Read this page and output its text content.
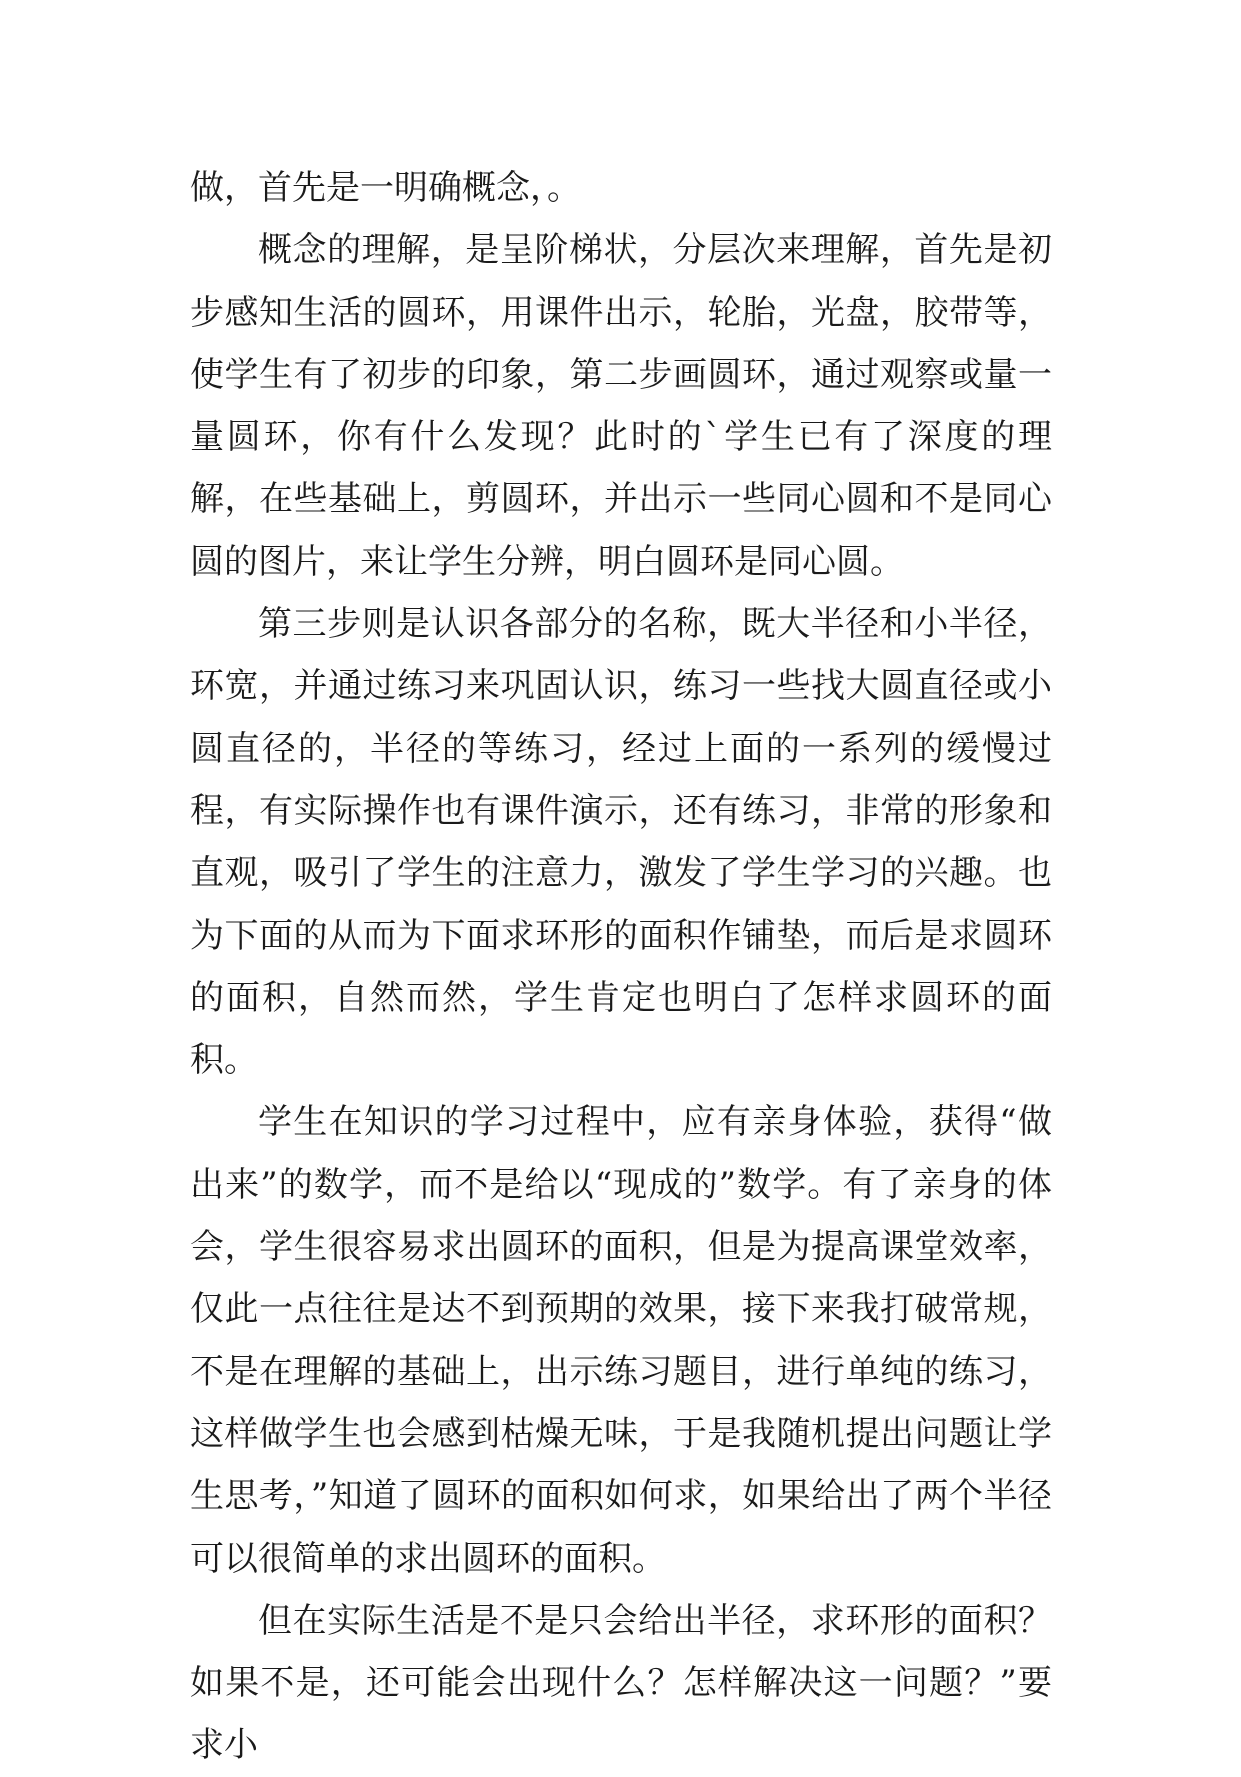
做，首先是一明确概念，。

概念的理解，是呈阶梯状，分层次来理解，首先是初步感知生活的圆环，用课件出示，轮胎，光盘，胶带等，使学生有了初步的印象，第二步画圆环，通过观察或量一量圆环，你有什么发现？此时的`学生已有了深度的理解，在些基础上，剪圆环，并出示一些同心圆和不是同心圆的图片，来让学生分辨，明白圆环是同心圆。

第三步则是认识各部分的名称，既大半径和小半径，环宽，并通过练习来巩固认识，练习一些找大圆直径或小圆直径的，半径的等练习，经过上面的一系列的缓慢过程，有实际操作也有课件演示，还有练习，非常的形象和直观，吸引了学生的注意力，激发了学生学习的兴趣。也为下面的从而为下面求环形的面积作铺垫，而后是求圆环的面积，自然而然，学生肯定也明白了怎样求圆环的面积。

学生在知识的学习过程中，应有亲身体验，获得“做出来”的数学，而不是给以“现成的”数学。有了亲身的体会，学生很容易求出圆环的面积，但是为提高课堂效率，仅此一点往往是达不到预期的效果，接下来我打破常规，不是在理解的基础上，出示练习题目，进行单纯的练习，这样做学生也会感到枯燥无味，于是我随机提出问题让学生思考，”知道了圆环的面积如何求，如果给出了两个半径可以很简单的求出圆环的面积。

但在实际生活是不是只会给出半径，求环形的面积？如果不是，还可能会出现什么？怎样解决这一问题？”要求小
